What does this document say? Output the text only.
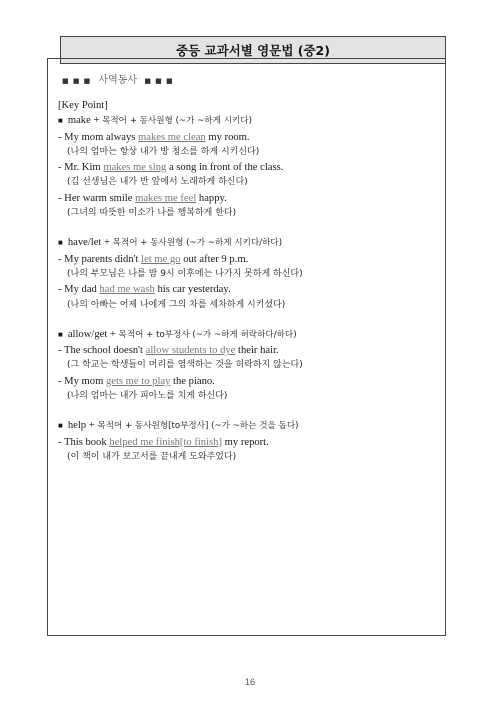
중등 교과서별 영문법 (중2)
■ ■ ■ 사역동사 ■ ■ ■
[Key Point]
■ make + 목적어 + 동사원형 (~가 ~하게 시키다)
- My mom always makes me clean my room.
(나의 엄마는 항상 내가 방 청소를 하게 시키신다)
- Mr. Kim makes me sing a song in front of the class.
(김 선생님은 내가 반 앞에서 노래하게 하신다)
- Her warm smile makes me feel happy.
(그녀의 따뜻한 미소가 나를 행복하게 한다)
■ have/let + 목적어 + 동사원형 (~가 ~하게 시키다/하다)
- My parents didn't let me go out after 9 p.m.
(나의 부모님은 나를 밤 9시 이후에는 나가지 못하게 하신다)
- My dad had me wash his car yesterday.
(나의 아빠는 어제 나에게 그의 차를 세차하게 시키셨다)
■ allow/get + 목적어 + to부정사 (~가 ~하게 허락하다/하다)
- The school doesn't allow students to dye their hair.
(그 학교는 학생들이 머리를 염색하는 것을 허락하지 않는다)
- My mom gets me to play the piano.
(나의 엄마는 내가 피아노를 치게 하신다)
■ help + 목적어 + 동사원형[to부정사] (~가 ~하는 것을 돕다)
- This book helped me finish[to finish] my report.
(이 책이 내가 보고서를 끝내게 도와주었다)
16
